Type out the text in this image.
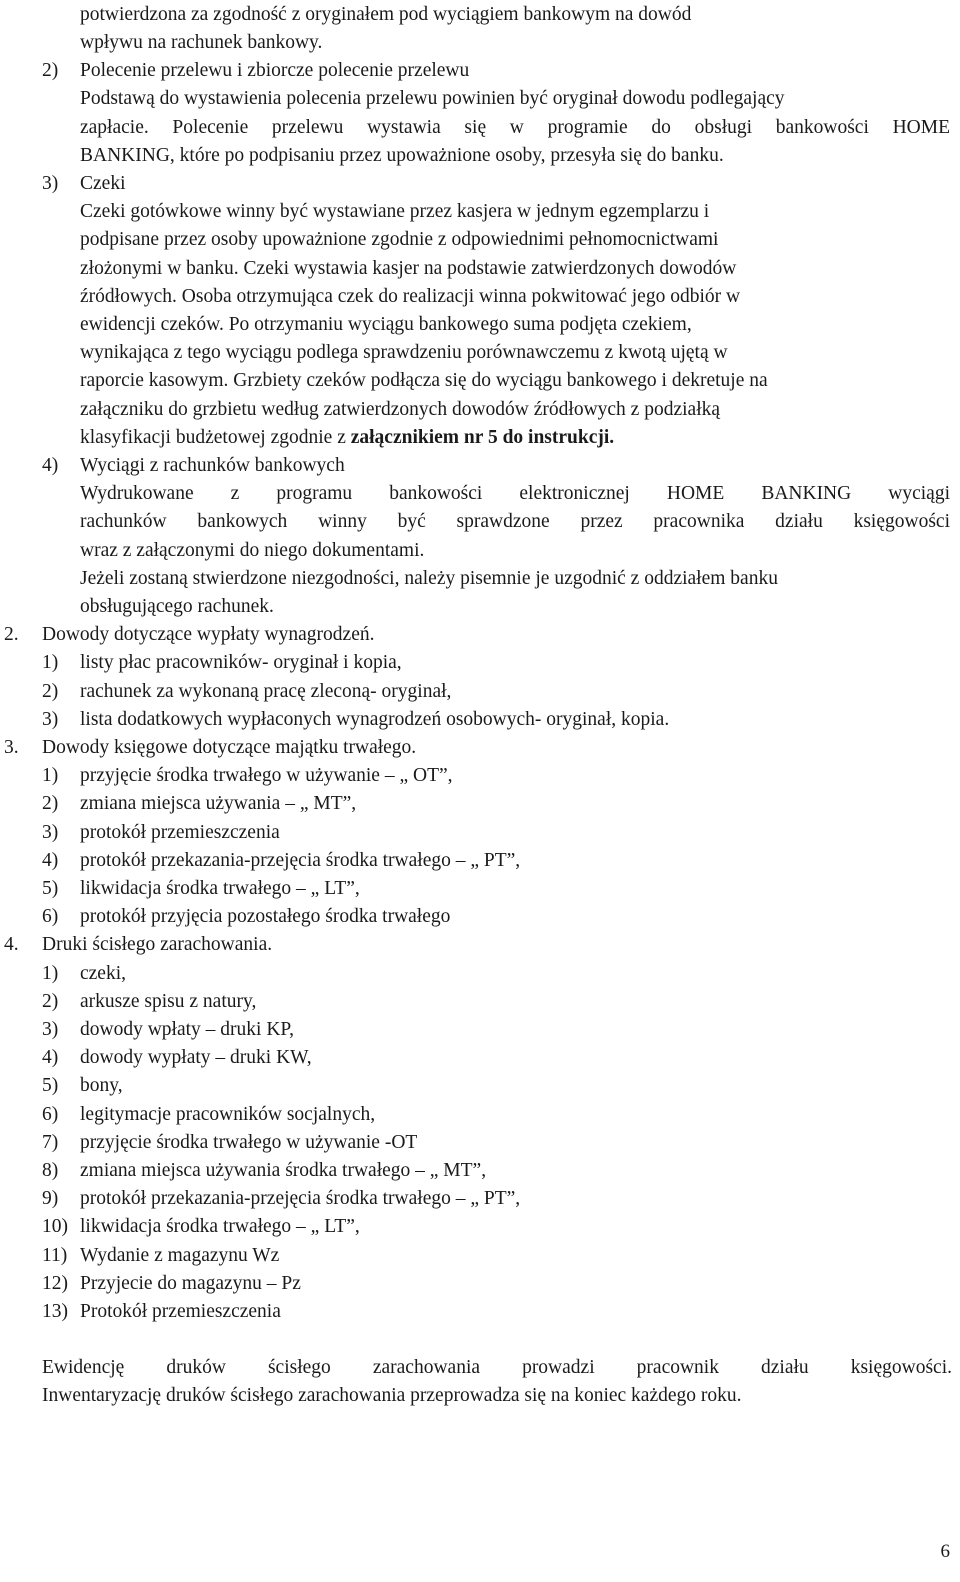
potwierdzona za zgodność z oryginałem pod wyciągiem bankowym na dowód
wpływu na rachunek bankowy.
2) Polecenie przelewu i zbiorcze polecenie przelewu
Podstawą do wystawienia polecenia przelewu powinien być oryginał dowodu podlegający
zapłacie. Polecenie przelewu wystawia się w programie do obsługi bankowości HOME
BANKING, które po podpisaniu przez upoważnione osoby, przesyła się do banku.
3) Czeki
Czeki gotówkowe winny być wystawiane przez kasjera w jednym egzemplarzu i
podpisane przez osoby upoważnione zgodnie z odpowiednimi pełnomocnictwami
złożonymi w banku. Czeki wystawia kasjer na podstawie zatwierdzonych dowodów
źródłowych. Osoba otrzymująca czek do realizacji winna pokwitować jego odbiór w
ewidencji czeków. Po otrzymaniu wyciągu bankowego suma podjęta czekiem,
wynikająca z tego wyciągu podlega sprawdzeniu porównawczemu z kwotą ujętą w
raporcie kasowym. Grzbiety czeków podłącza się do wyciągu bankowego i dekretuje na
załączniku do grzbietu według zatwierdzonych dowodów źródłowych z podziałką
klasyfikacji budżetowej zgodnie z załącznikiem nr 5 do instrukcji.
4) Wyciągi z rachunków bankowych
Wydrukowane z programu bankowości elektronicznej HOME BANKING wyciągi
rachunków bankowych winny być sprawdzone przez pracownika działu księgowości
wraz z załączonymi do niego dokumentami.
Jeżeli zostaną stwierdzone niezgodności, należy pisemnie je uzgodnić z oddziałem banku
obsługującego rachunek.
2. Dowody dotyczące wypłaty wynagrodzeń.
1) listy płac pracowników- oryginał i kopia,
2) rachunek za wykonaną pracę zleconą- oryginał,
3) lista dodatkowych wypłaconych wynagrodzeń osobowych- oryginał, kopia.
3. Dowody księgowe dotyczące majątku trwałego.
1) przyjęcie środka trwałego w używanie – „ OT”,
2) zmiana miejsca używania – „ MT”,
3) protokół przemieszczenia
4) protokół przekazania-przejęcia środka trwałego – „ PT”,
5) likwidacja środka trwałego – „ LT”,
6) protokół przyjęcia pozostałego środka trwałego
4. Druki ścisłego zarachowania.
1) czeki,
2) arkusze spisu z natury,
3) dowody wpłaty – druki KP,
4) dowody wypłaty – druki KW,
5) bony,
6) legitymacje pracowników socjalnych,
7) przyjęcie środka trwałego w używanie -OT
8) zmiana miejsca używania środka trwałego – „ MT”,
9) protokół przekazania-przejęcia środka trwałego – „ PT”,
10) likwidacja środka trwałego – „ LT”,
11) Wydanie z magazynu Wz
12) Przyjecie do magazynu – Pz
13) Protokół przemieszczenia
Ewidencję druków ścisłego zarachowania prowadzi pracownik działu księgowości.
Inwentaryzację druków ścisłego zarachowania przeprowadza się na koniec każdego roku.
6
